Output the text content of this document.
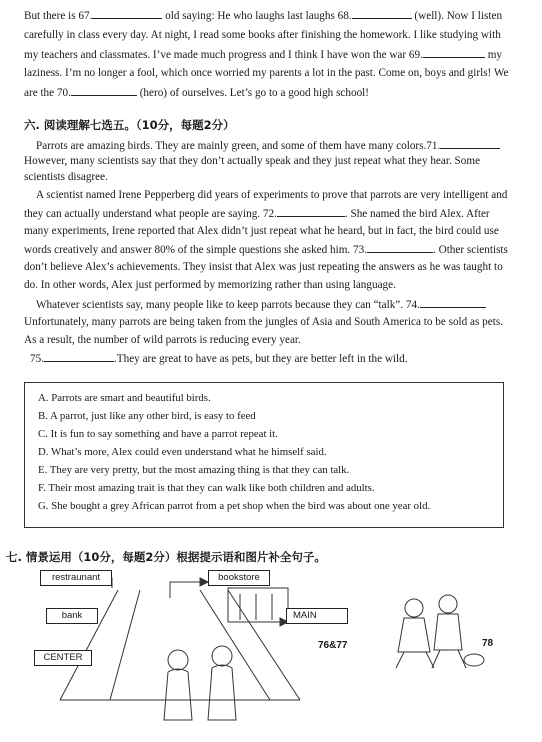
But there is 67.	old saying: He who laughs last laughs 68.	(well). Now I listen
carefully in class every day. At night, I read some books after finishing the homework. I like studying with
my teachers and classmates. I’ve made much progress and I think I have won the war 69.	my
laziness. I’m no longer a fool, which once worried my parents a lot in the past. Come on, boys and girls! We
are the 70.	(hero) of ourselves. Let’s go to a good high school!
六. 阅读理解七选五。（10分，每题2分）
Parrots are amazing birds. They are mainly green, and some of them have many colors.71.
However, many scientists say that they don’t actually speak and they just repeat what they hear. Some
scientists disagree.
A scientist named Irene Pepperberg did years of experiments to prove that parrots are very intelligent and
they can actually understand what people are saying. 72.	. She named the bird Alex. After
many experiments, Irene reported that Alex didn’t just repeat what he heard, but in fact, the bird could use
words creatively and answer 80% of the simple questions she asked him. 73.	. Other scientists
don’t believe Alex’s achievements. They insist that Alex was just repeating the answers as he was taught to
do. In other words, Alex just performed by memorizing rather than using language.
Whatever scientists say, many people like to keep parrots because they can “talk”. 74.
Unfortunately, many parrots are being taken from the jungles of Asia and South America to be sold as pets.
As a result, the number of wild parrots is reducing every year.
75.	.They are great to have as pets, but they are better left in the wild.
A. Parrots are smart and beautiful birds.
B. A parrot, just like any other bird, is easy to feed
C. It is fun to say something and have a parrot repeat it.
D. What’s more, Alex could even understand what he himself said.
E. They are very pretty, but the most amazing thing is that they can talk.
F. Their most amazing trait is that they can walk like both children and adults.
G. She bought a grey African parrot from a pet shop when the bird was about one year old.
七. 情景运用（10分，每题2分）根据提示语和图片补全句子。
restraunant	bookstore
bank	MAIN
CENTER
76&77	78
